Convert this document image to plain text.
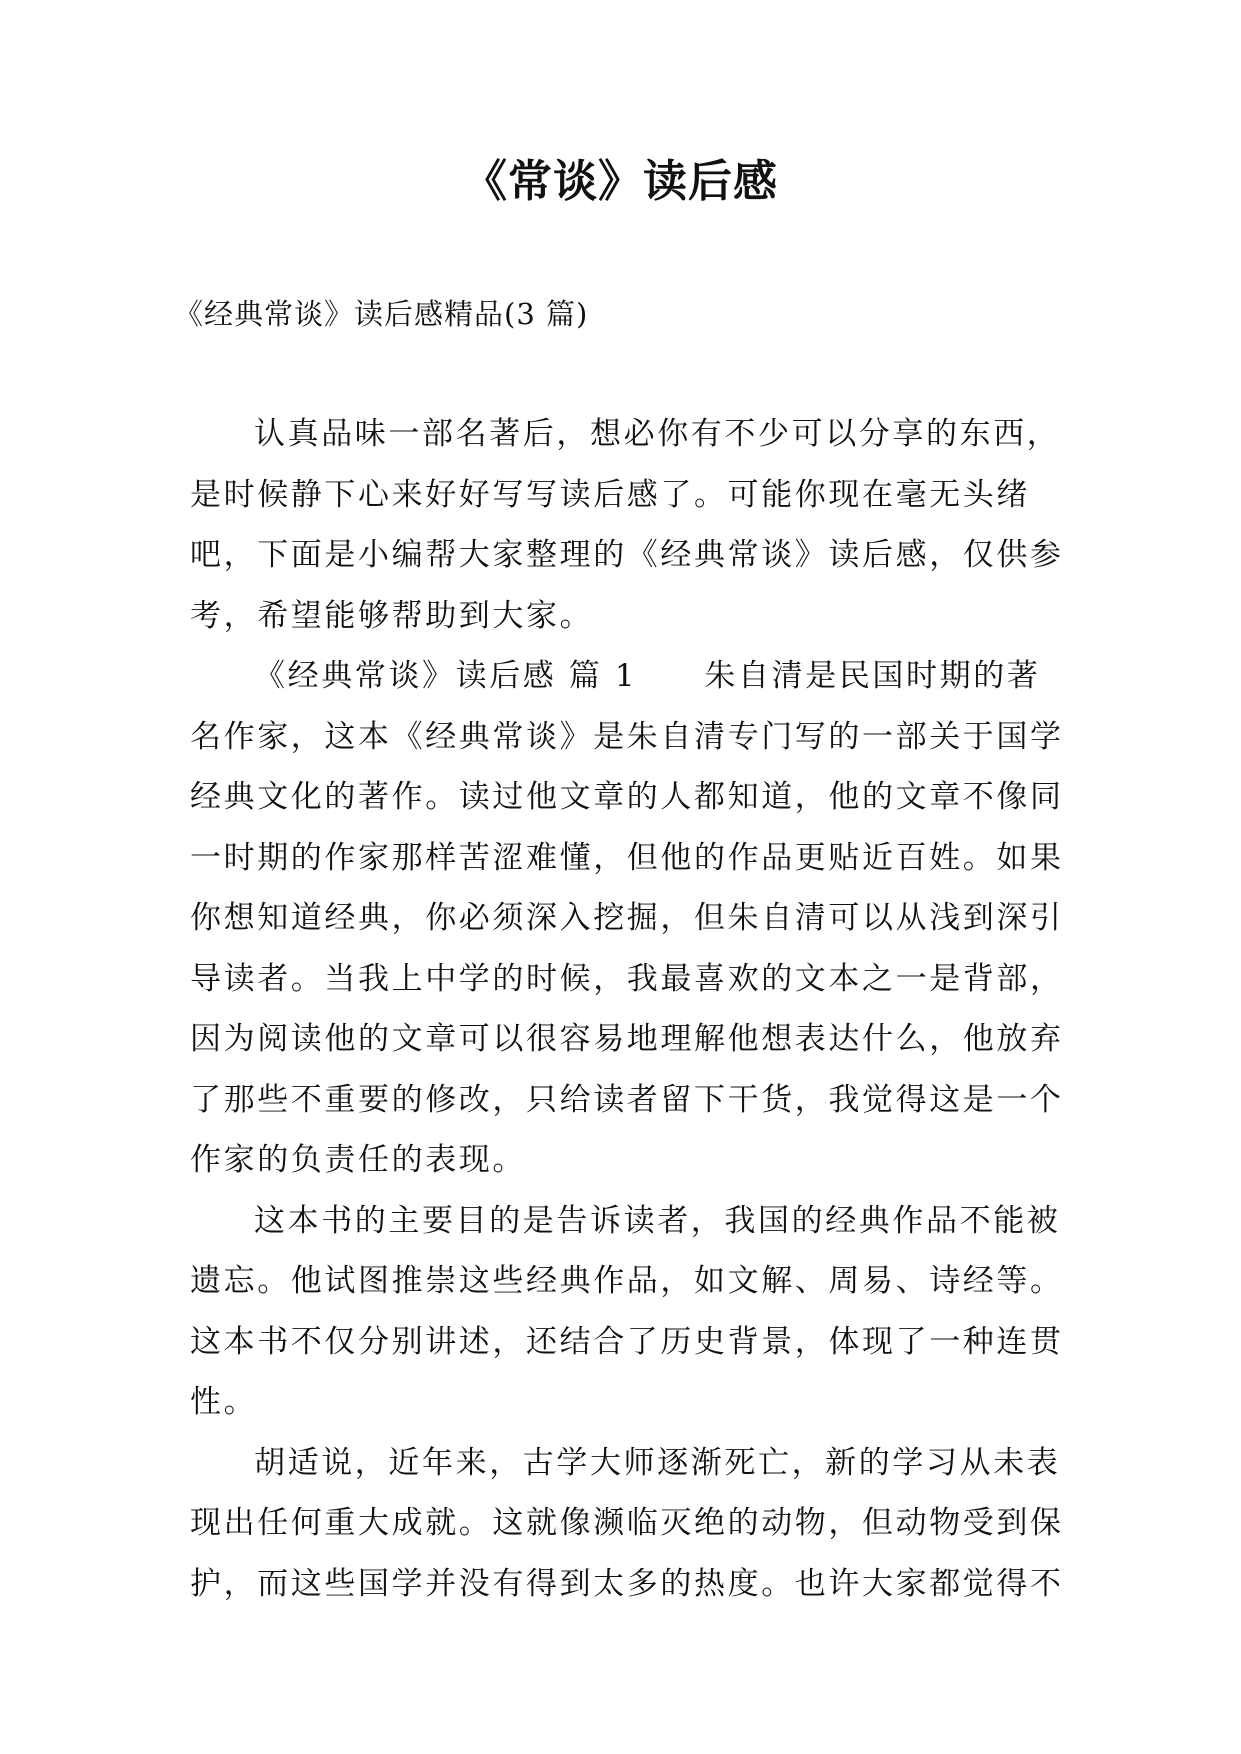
《常谈》读后感
《经典常谈》读后感精品(3 篇)

认真品味一部名著后，想必你有不少可以分享的东西，是时候静下心来好好写写读后感了。可能你现在毫无头绪吧，下面是小编帮大家整理的《经典常谈》读后感，仅供参考，希望能够帮助到大家。

《经典常谈》读后感 篇 1　　朱自清是民国时期的著名作家，这本《经典常谈》是朱自清专门写的一部关于国学经典文化的著作。读过他文章的人都知道，他的文章不像同一时期的作家那样苦涩难懂，但他的作品更贴近百姓。如果你想知道经典，你必须深入挖掘，但朱自清可以从浅到深引导读者。当我上中学的时候，我最喜欢的文本之一是背部，因为阅读他的文章可以很容易地理解他想表达什么，他放弃了那些不重要的修改，只给读者留下干货，我觉得这是一个作家的负责任的表现。

这本书的主要目的是告诉读者，我国的经典作品不能被遗忘。他试图推崇这些经典作品，如文解、周易、诗经等。这本书不仅分别讲述，还结合了历史背景，体现了一种连贯性。

胡适说，近年来，古学大师逐渐死亡，新的学习从未表现出任何重大成就。这就像濒临灭绝的动物，但动物受到保护，而这些国学并没有得到太多的热度。也许大家都觉得不
